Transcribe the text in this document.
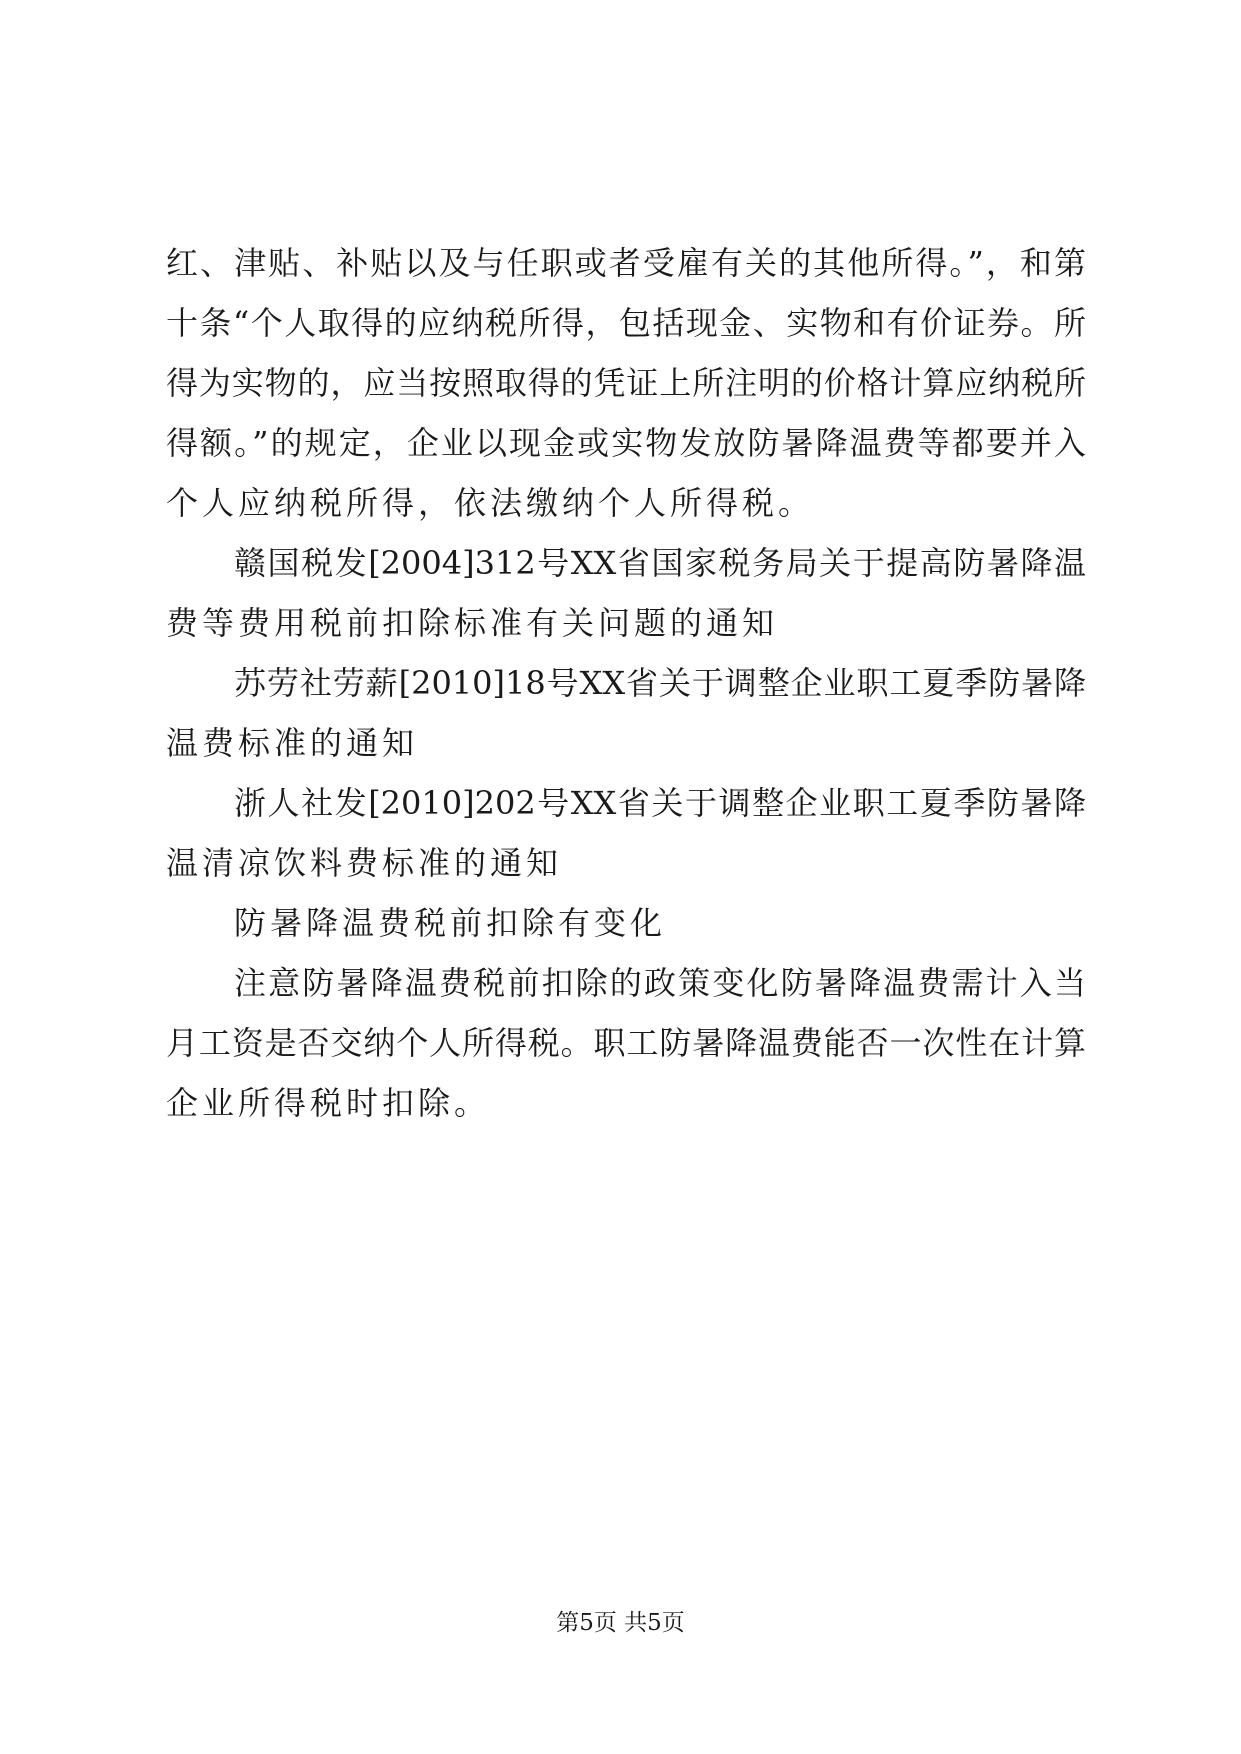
红、津贴、补贴以及与任职或者受雇有关的其他所得。”，和第
十条“个人取得的应纳税所得，包括现金、实物和有价证券。所
得为实物的，应当按照取得的凭证上所注明的价格计算应纳税所
得额。”的规定，企业以现金或实物发放防暑降温费等都要并入
个人应纳税所得，依法缴纳个人所得税。
赣国税发[2004]312号XX省国家税务局关于提高防暑降温
费等费用税前扣除标准有关问题的通知
苏劳社劳薪[2010]18号XX省关于调整企业职工夏季防暑降
温费标准的通知
浙人社发[2010]202号XX省关于调整企业职工夏季防暑降
温清凉饮料费标准的通知
防暑降温费税前扣除有变化
注意防暑降温费税前扣除的政策变化防暑降温费需计入当
月工资是否交纳个人所得税。职工防暑降温费能否一次性在计算
企业所得税时扣除。
第5页 共5页
